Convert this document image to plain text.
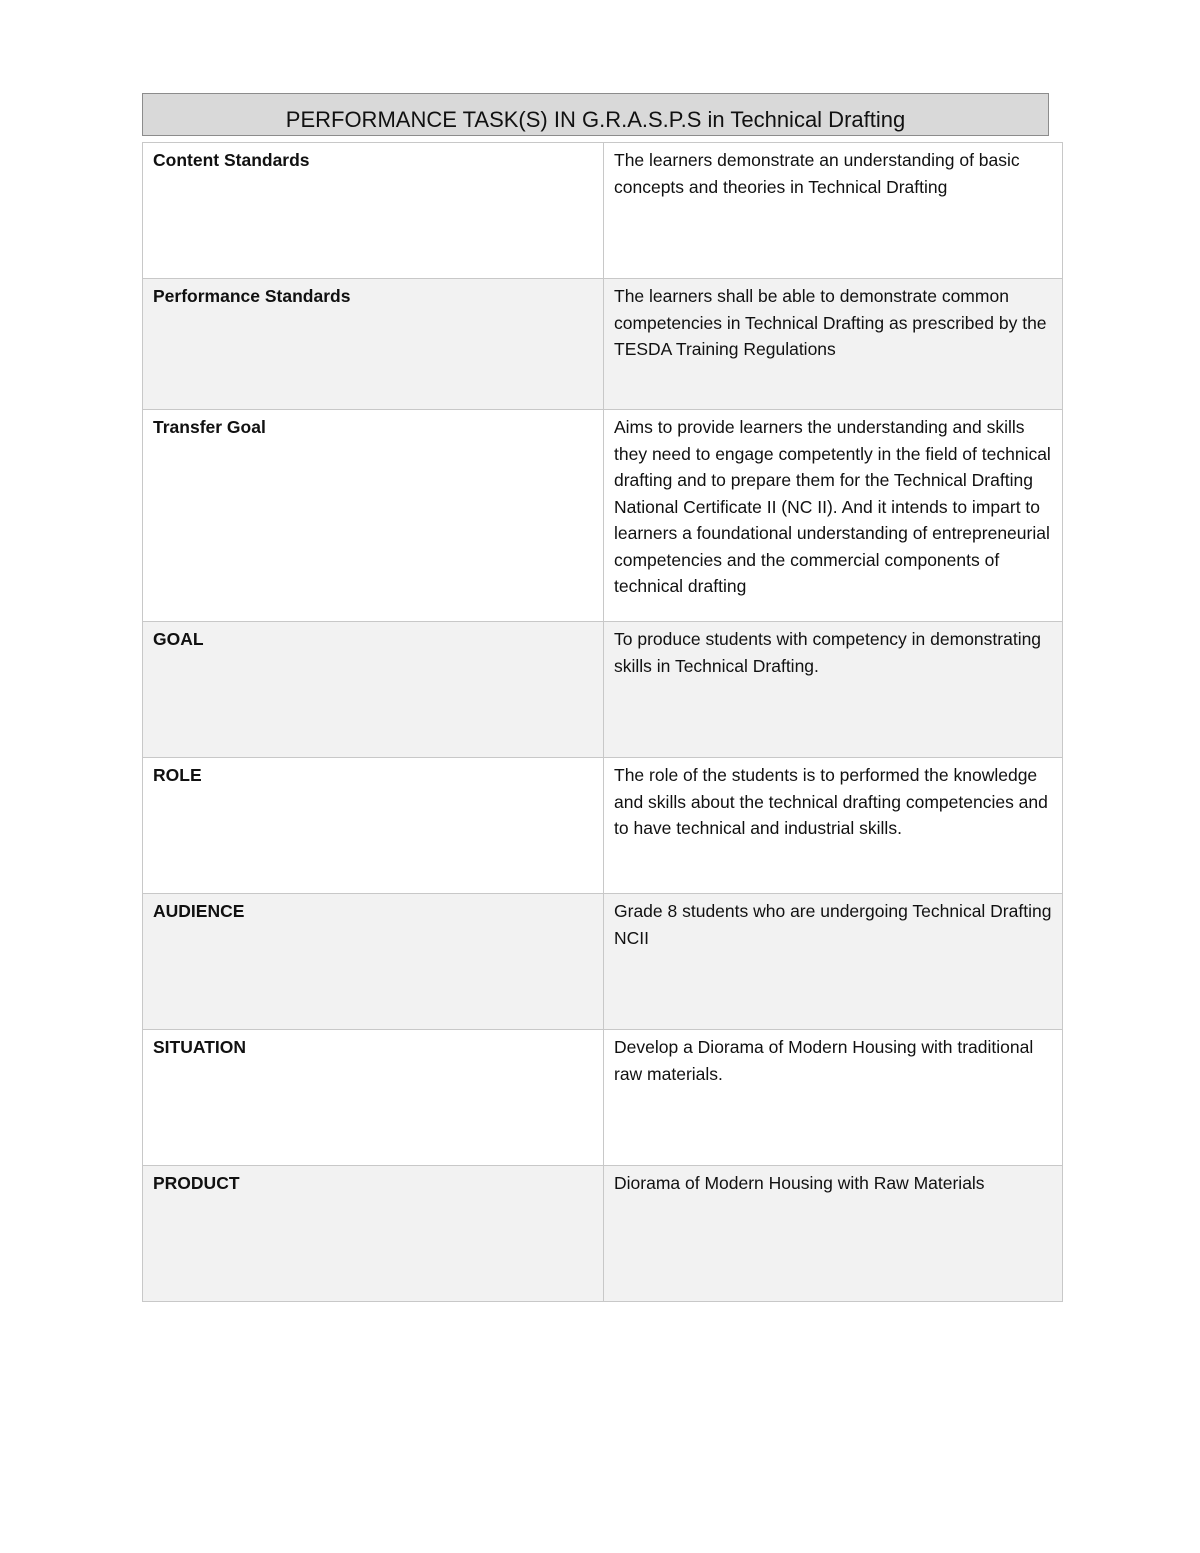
PERFORMANCE TASK(S) IN G.R.A.S.P.S in Technical Drafting
Content Standards	The learners demonstrate an understanding of basic concepts and theories in Technical Drafting
Performance Standards	The learners shall be able to demonstrate common competencies in Technical Drafting as prescribed by the TESDA Training Regulations
Transfer Goal	Aims to provide learners the understanding and skills they need to engage competently in the field of technical drafting and to prepare them for the Technical Drafting National Certificate II (NC II). And it intends to impart to learners a foundational understanding of entrepreneurial competencies and the commercial components of technical drafting
GOAL	To produce students with competency in demonstrating skills in Technical Drafting.
ROLE	The role of the students is to performed the knowledge and skills about the technical drafting competencies and to have technical and industrial skills.
AUDIENCE	Grade 8 students who are undergoing Technical Drafting NCII
SITUATION	Develop a Diorama of Modern Housing with traditional raw materials.
PRODUCT	Diorama of Modern Housing with Raw Materials
